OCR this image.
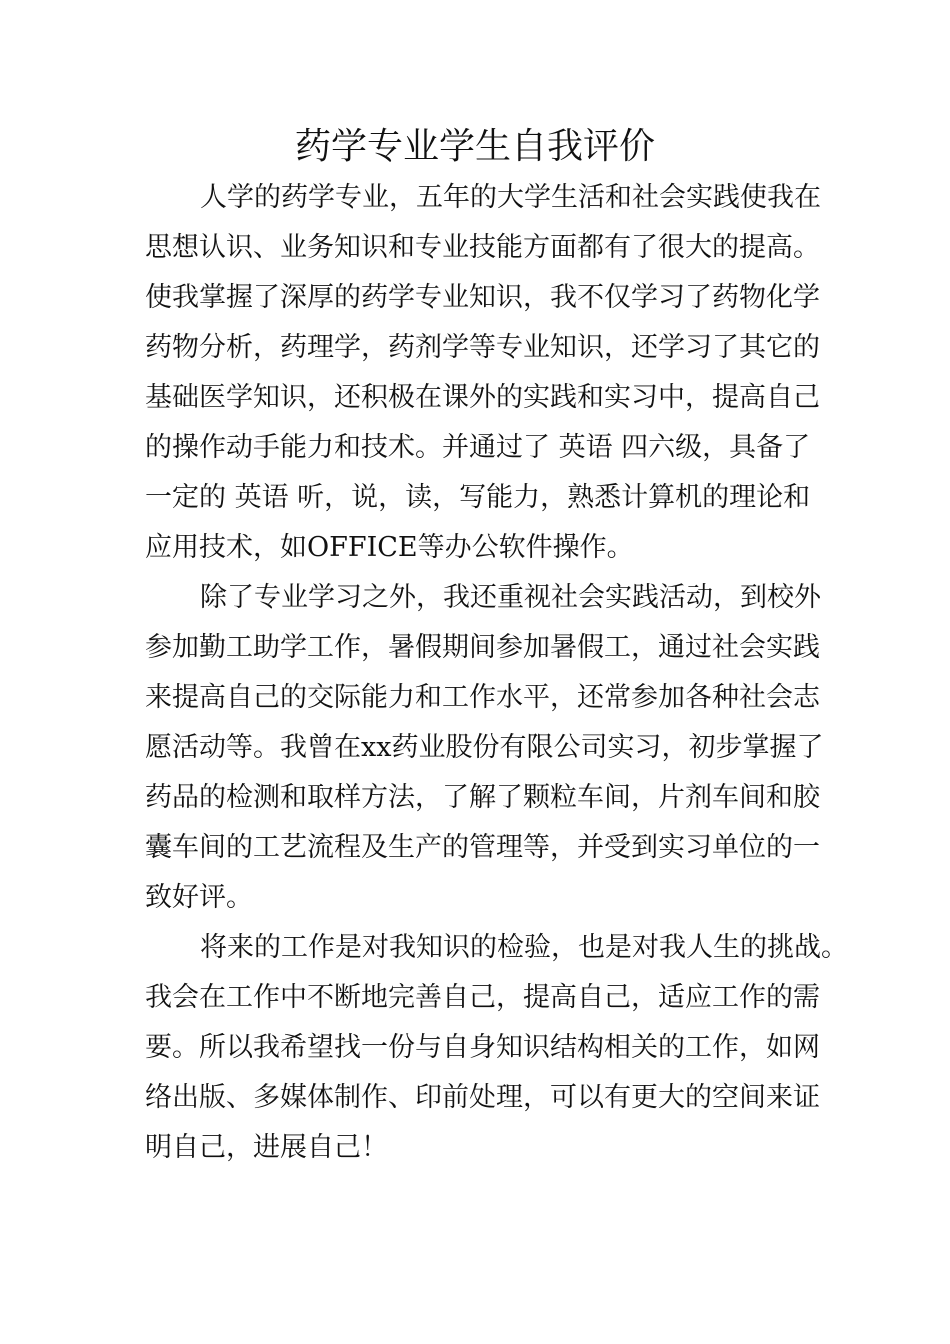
药学专业学生自我评价
人学的药学专业，五年的大学生活和社会实践使我在
思想认识、业务知识和专业技能方面都有了很大的提高。
使我掌握了深厚的药学专业知识，我不仅学习了药物化学
药物分析，药理学，药剂学等专业知识，还学习了其它的
基础医学知识，还积极在课外的实践和实习中，提高自己
的操作动手能力和技术。并通过了 英语 四六级，具备了
一定的 英语 听，说，读，写能力，熟悉计算机的理论和
应用技术，如OFFICE等办公软件操作。
除了专业学习之外，我还重视社会实践活动，到校外
参加勤工助学工作，暑假期间参加暑假工，通过社会实践
来提高自己的交际能力和工作水平，还常参加各种社会志
愿活动等。我曾在xx药业股份有限公司实习，初步掌握了
药品的检测和取样方法，了解了颗粒车间，片剂车间和胶
囊车间的工艺流程及生产的管理等，并受到实习单位的一
致好评。
将来的工作是对我知识的检验，也是对我人生的挑战。
我会在工作中不断地完善自己，提高自己，适应工作的需
要。所以我希望找一份与自身知识结构相关的工作，如网
络出版、多媒体制作、印前处理，可以有更大的空间来证
明自己，进展自己！
